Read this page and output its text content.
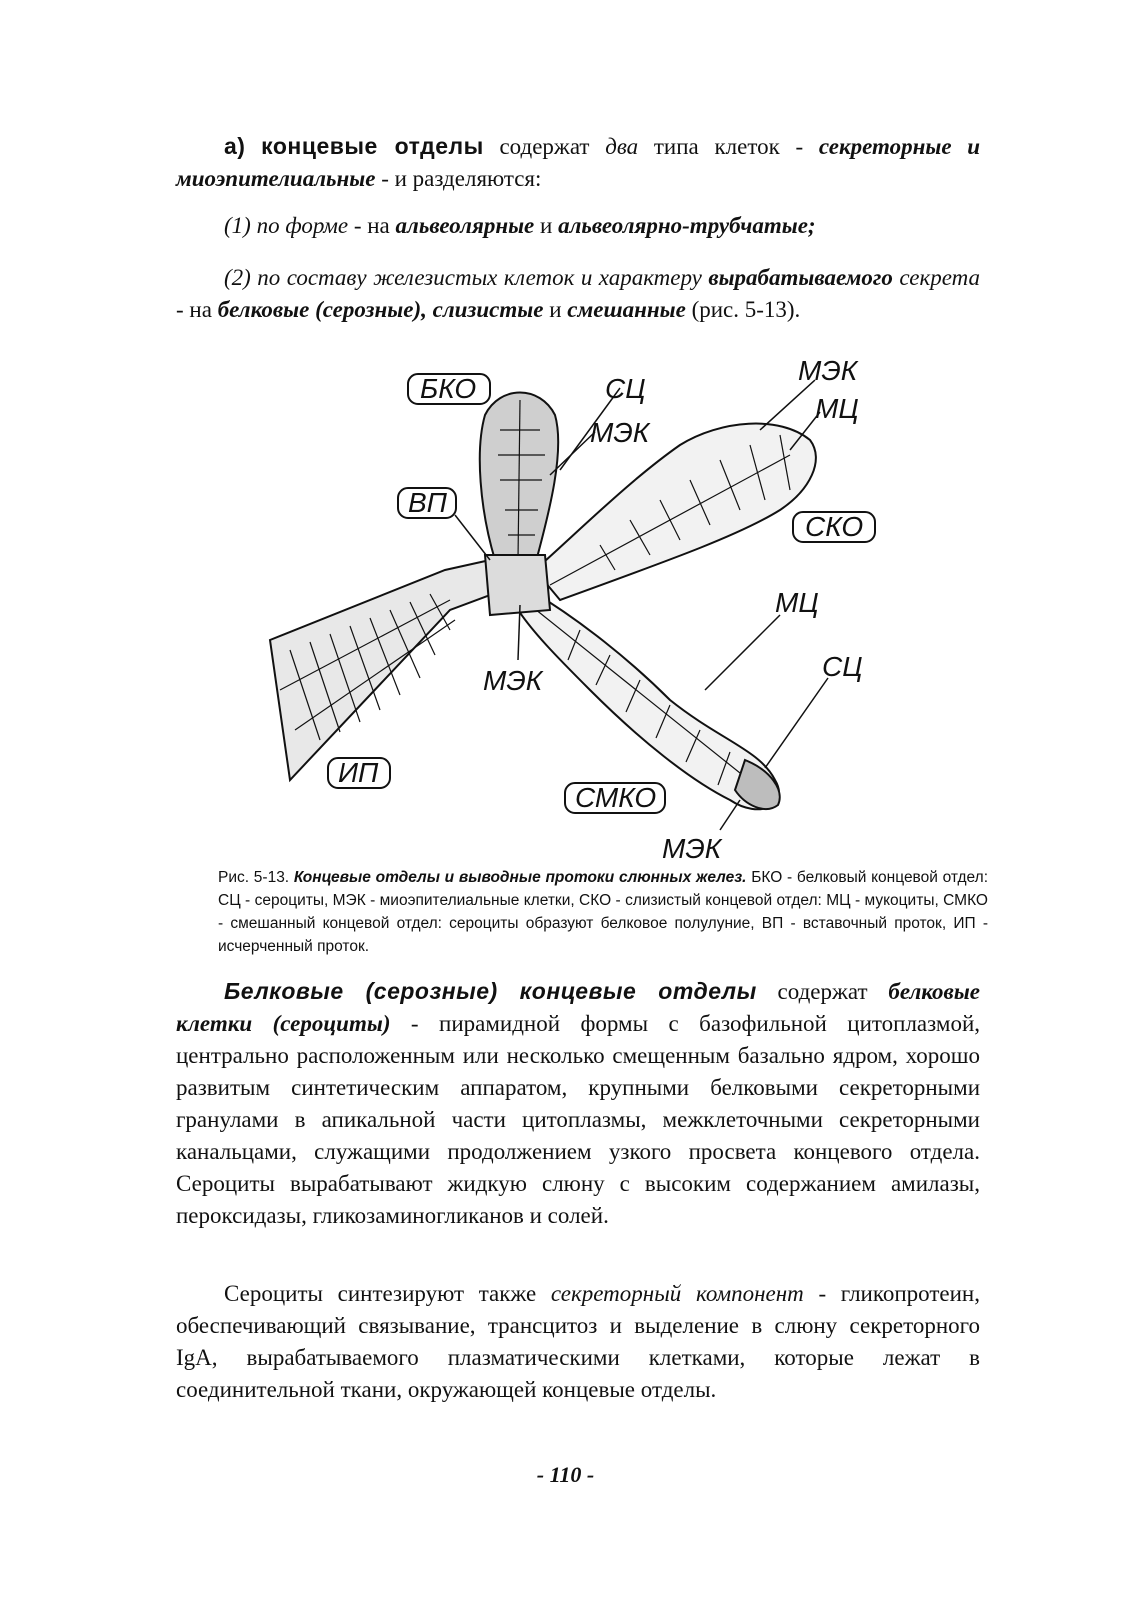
а) концевые отделы содержат два типа клеток - секреторные и миоэпителиальные - и разделяются:
(1) по форме - на альвеолярные и альвеолярно-трубчатые;
(2) по составу железистых клеток и характеру вырабатываемого секрета - на белковые (серозные), слизистые и смешанные (рис. 5-13).
БКО	СЦ
МЭК
МЦ
МЭК
ВП
СКО
МЦ
СЦ
МЭК
ИП
СМКО
МЭК
Рис. 5-13. Концевые отделы и выводные протоки слюнных желез. БКО - белковый концевой отдел: СЦ - сероциты, МЭК - миоэпителиальные клетки, СКО - слизистый концевой отдел: МЦ - мукоциты, СМКО - смешанный концевой отдел: сероциты образуют белковое полулуние, ВП - вставочный проток, ИП - исчерченный проток.
Белковые (серозные) концевые отделы содержат белковые клетки (сероциты) - пирамидной формы с базофильной цитоплазмой, центрально расположенным или несколько смещенным базально ядром, хорошо развитым синтетическим аппаратом, крупными белковыми секреторными гранулами в апикальной части цитоплазмы, межклеточными секреторными канальцами, служащими продолжением узкого просвета концевого отдела. Сероциты вырабатывают жидкую слюну с высоким содержанием амилазы, пероксидазы, гликозаминогликанов и солей.
Сероциты синтезируют также секреторный компонент - гликопротеин, обеспечивающий связывание, трансцитоз и выделение в слюну секреторного IgA, вырабатываемого плазматическими клетками, которые лежат в соединительной ткани, окружающей концевые отделы.
- 110 -
